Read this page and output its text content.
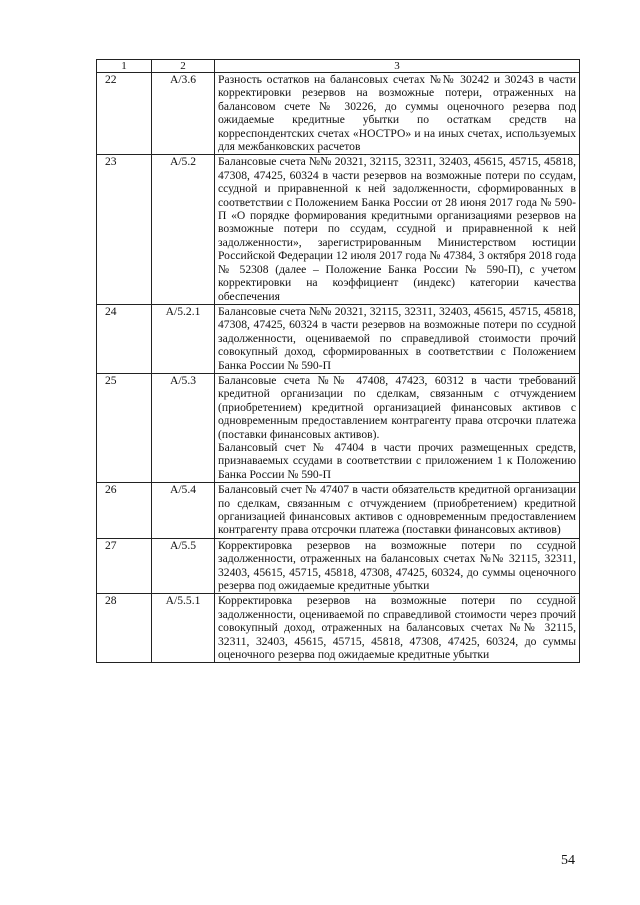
1	2	3
22	А/3.6	Разность остатков на балансовых счетах №№ 30242 и 30243 в части корректировки резервов на возможные потери, отраженных на балансовом счете № 30226, до суммы оценочного резерва под ожидаемые кредитные убытки по остаткам средств на корреспондентских счетах «НОСТРО» и на иных счетах, используемых для межбанковских расчетов

23	А/5.2	Балансовые счета №№ 20321, 32115, 32311, 32403, 45615, 45715, 45818, 47308, 47425, 60324 в части резервов на возможные потери по ссудам, ссудной и приравненной к ней задолженности, сформированных в соответствии с Положением Банка России от 28 июня 2017 года № 590-П «О порядке формирования кредитными организациями резервов на возможные потери по ссудам, ссудной и приравненной к ней задолженности», зарегистрированным Министерством юстиции Российской Федерации 12 июля 2017 года № 47384, 3 октября 2018 года № 52308 (далее – Положение Банка России № 590-П), с учетом корректировки на коэффициент (индекс) категории качества обеспечения

24	А/5.2.1	Балансовые счета №№ 20321, 32115, 32311, 32403, 45615, 45715, 45818, 47308, 47425, 60324 в части резервов на возможные потери по ссудной задолженности, оцениваемой по справедливой стоимости прочий совокупный доход, сформированных в соответствии с Положением Банка России № 590-П

25	А/5.3	Балансовые счета №№ 47408, 47423, 60312 в части требований кредитной организации по сделкам, связанным с отчуждением (приобретением) кредитной организацией финансовых активов с одновременным предоставлением контрагенту права отсрочки платежа (поставки финансовых активов).
Балансовый счет № 47404 в части прочих размещенных средств, признаваемых ссудами в соответствии с приложением 1 к Положению Банка России № 590-П

26	А/5.4	Балансовый счет № 47407 в части обязательств кредитной организации по сделкам, связанным с отчуждением (приобретением) кредитной организацией финансовых активов с одновременным предоставлением контрагенту права отсрочки платежа (поставки финансовых активов)

27	А/5.5	Корректировка резервов на возможные потери по ссудной задолженности, отраженных на балансовых счетах №№ 32115, 32311, 32403, 45615, 45715, 45818, 47308, 47425, 60324, до суммы оценочного резерва под ожидаемые кредитные убытки

28	А/5.5.1	Корректировка резервов на возможные потери по ссудной задолженности, оцениваемой по справедливой стоимости через прочий совокупный доход, отраженных на балансовых счетах №№ 32115, 32311, 32403, 45615, 45715, 45818, 47308, 47425, 60324, до суммы оценочного резерва под ожидаемые кредитные убытки
54
